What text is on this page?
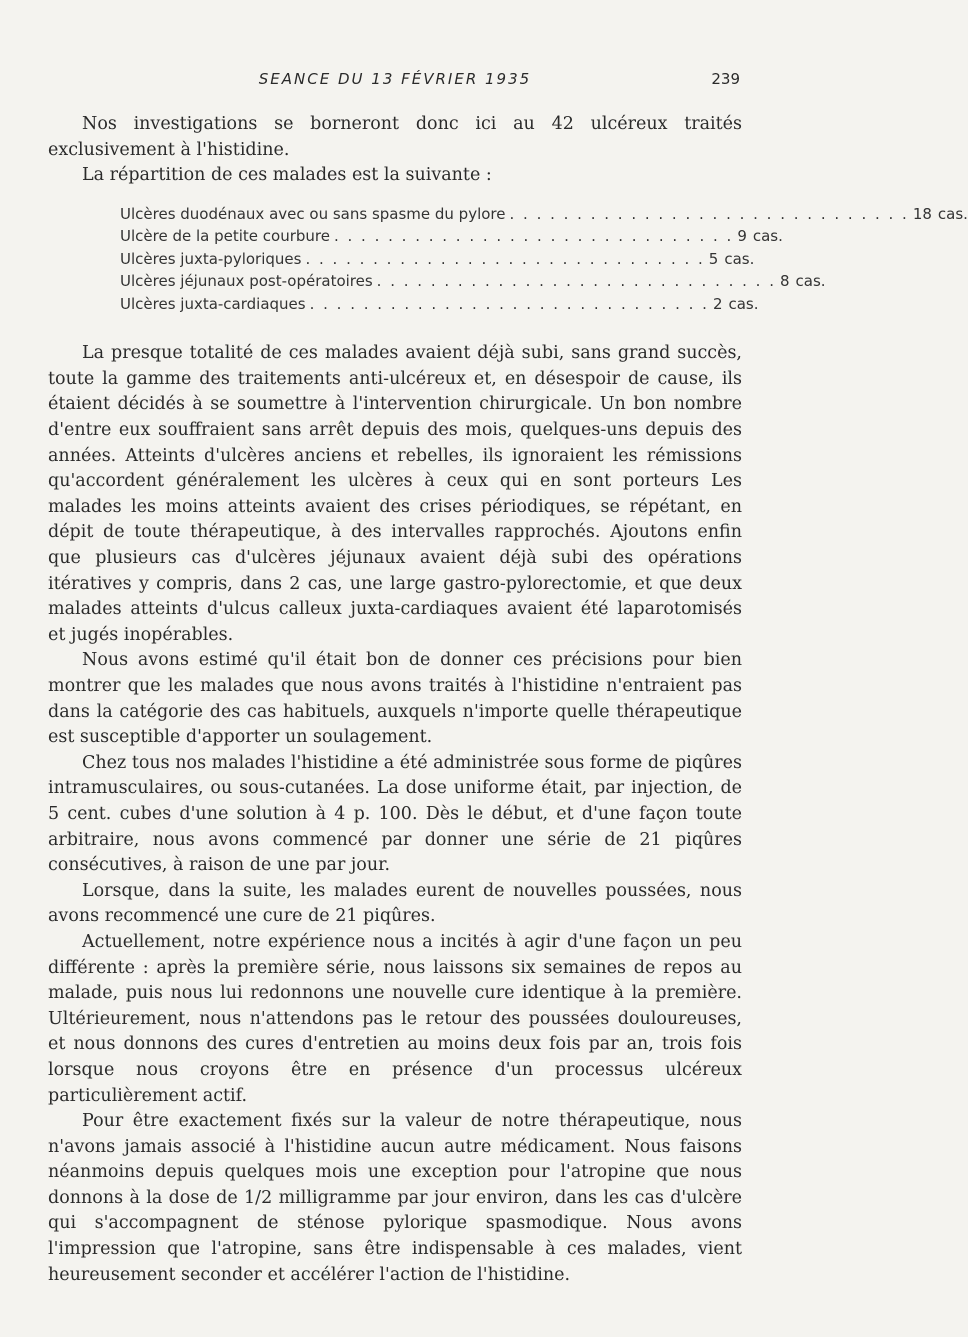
SEANCE DU 13 FÉVRIER 1935	239

Nos investigations se borneront donc ici au 42 ulcéreux traités exclusivement à l'histidine.

La répartition de ces malades est la suivante :

Ulcères duodénaux avec ou sans spasme du pylore . . . . . . . . . . . . . . . . . . . . . . . . . . . . . . 18 cas.
Ulcère de la petite courbure . . . . . . . . . . . . . . . . . . . . . . . . . . . . . . 9 cas.
Ulcères juxta-pyloriques . . . . . . . . . . . . . . . . . . . . . . . . . . . . . . 5 cas.
Ulcères jéjunaux post-opératoires . . . . . . . . . . . . . . . . . . . . . . . . . . . . . . 8 cas.
Ulcères juxta-cardiaques . . . . . . . . . . . . . . . . . . . . . . . . . . . . . . 2 cas.

La presque totalité de ces malades avaient déjà subi, sans grand succès, toute la gamme des traitements anti-ulcéreux et, en désespoir de cause, ils étaient décidés à se soumettre à l'intervention chirurgicale. Un bon nombre d'entre eux souffraient sans arrêt depuis des mois, quelques-uns depuis des années. Atteints d'ulcères anciens et rebelles, ils ignoraient les rémissions qu'accordent généralement les ulcères à ceux qui en sont porteurs Les malades les moins atteints avaient des crises périodiques, se répétant, en dépit de toute thérapeutique, à des intervalles rapprochés. Ajoutons enfin que plusieurs cas d'ulcères jéjunaux avaient déjà subi des opérations itératives y compris, dans 2 cas, une large gastro-pylorectomie, et que deux malades atteints d'ulcus calleux juxta-cardiaques avaient été laparotomisés et jugés inopérables.

Nous avons estimé qu'il était bon de donner ces précisions pour bien montrer que les malades que nous avons traités à l'histidine n'entraient pas dans la catégorie des cas habituels, auxquels n'importe quelle thérapeutique est susceptible d'apporter un soulagement.

Chez tous nos malades l'histidine a été administrée sous forme de piqûres intramusculaires, ou sous-cutanées. La dose uniforme était, par injection, de 5 cent. cubes d'une solution à 4 p. 100. Dès le début, et d'une façon toute arbitraire, nous avons commencé par donner une série de 21 piqûres consécutives, à raison de une par jour.

Lorsque, dans la suite, les malades eurent de nouvelles poussées, nous avons recommencé une cure de 21 piqûres.

Actuellement, notre expérience nous a incités à agir d'une façon un peu différente : après la première série, nous laissons six semaines de repos au malade, puis nous lui redonnons une nouvelle cure identique à la première. Ultérieurement, nous n'attendons pas le retour des poussées douloureuses, et nous donnons des cures d'entretien au moins deux fois par an, trois fois lorsque nous croyons être en présence d'un processus ulcéreux particulièrement actif.

Pour être exactement fixés sur la valeur de notre thérapeutique, nous n'avons jamais associé à l'histidine aucun autre médicament. Nous faisons néanmoins depuis quelques mois une exception pour l'atropine que nous donnons à la dose de 1/2 milligramme par jour environ, dans les cas d'ulcère qui s'accompagnent de sténose pylorique spasmodique. Nous avons l'impression que l'atropine, sans être indispensable à ces malades, vient heureusement seconder et accélérer l'action de l'histidine.
